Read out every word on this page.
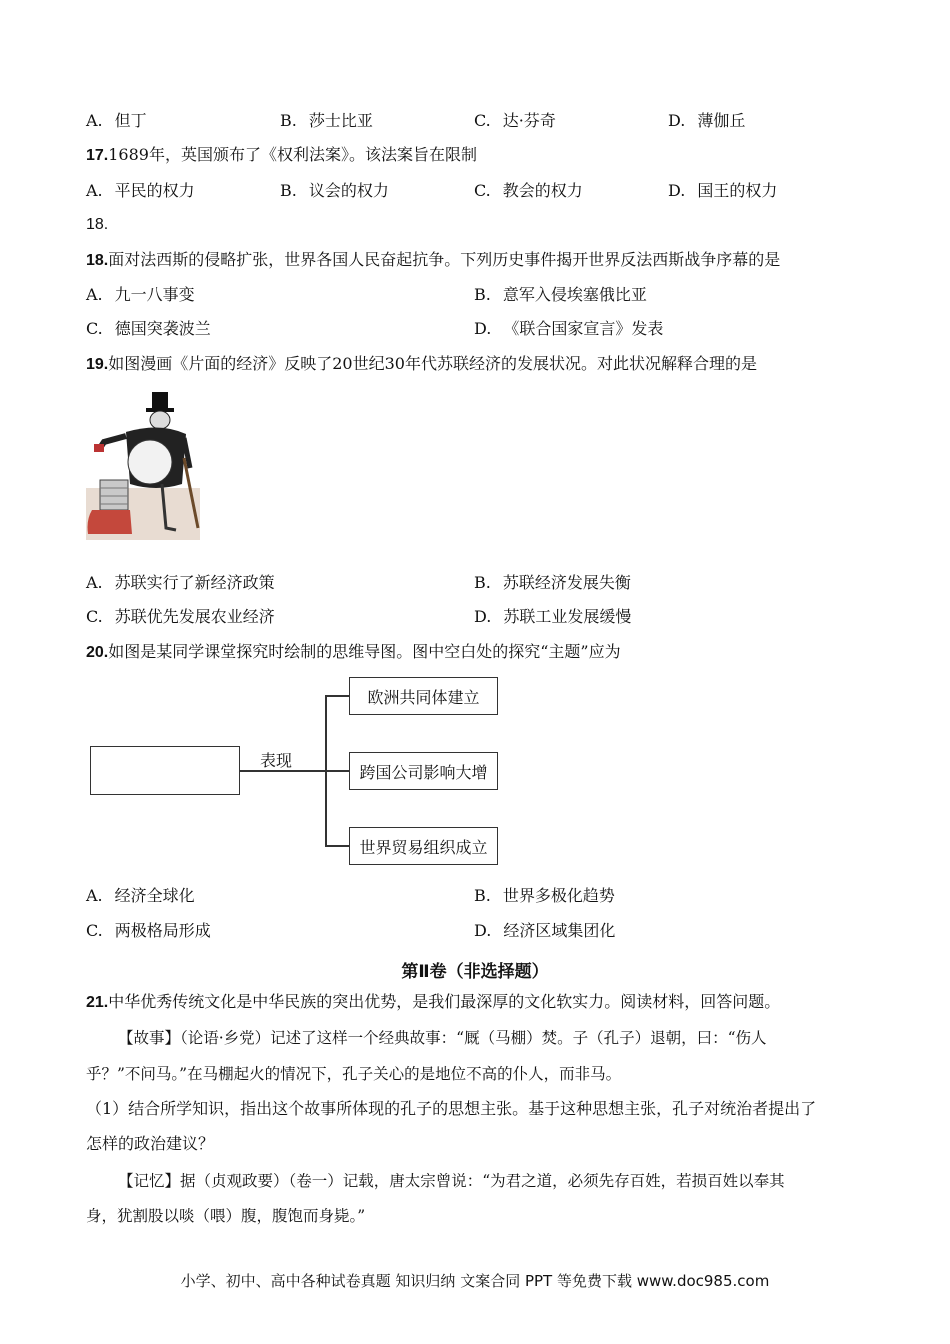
A. 但丁	B. 莎士比亚	C. 达·芬奇	D. 薄伽丘
17.1689年，英国颁布了《权利法案》。该法案旨在限制
A. 平民的权力	B. 议会的权力	C. 教会的权力	D. 国王的权力
18.
18.面对法西斯的侵略扩张，世界各国人民奋起抗争。下列历史事件揭开世界反法西斯战争序幕的是
A. 九一八事变	B. 意军入侵埃塞俄比亚
C. 德国突袭波兰	D. 《联合国家宣言》发表
19.如图漫画《片面的经济》反映了20世纪30年代苏联经济的发展状况。对此状况解释合理的是
A. 苏联实行了新经济政策	B. 苏联经济发展失衡
C. 苏联优先发展农业经济	D. 苏联工业发展缓慢
20.如图是某同学课堂探究时绘制的思维导图。图中空白处的探究“主题”应为
表现
欧洲共同体建立
跨国公司影响大增
世界贸易组织成立
A. 经济全球化	B. 世界多极化趋势
C. 两极格局形成	D. 经济区域集团化
第Ⅱ卷（非选择题）
21.中华优秀传统文化是中华民族的突出优势，是我们最深厚的文化软实力。阅读材料，回答问题。
【故事】（论语·乡党）记述了这样一个经典故事：“厩（马棚）焚。子（孔子）退朝，曰：“伤人
乎？”不问马。”在马棚起火的情况下，孔子关心的是地位不高的仆人，而非马。
（1）结合所学知识，指出这个故事所体现的孔子的思想主张。基于这种思想主张，孔子对统治者提出了
怎样的政治建议？
【记忆】据（贞观政要）（卷一）记载，唐太宗曾说：“为君之道，必须先存百姓，若损百姓以奉其
身，犹割股以啖（喂）腹，腹饱而身毙。”
小学、初中、高中各种试卷真题 知识归纳 文案合同 PPT 等免费下载 www.doc985.com
